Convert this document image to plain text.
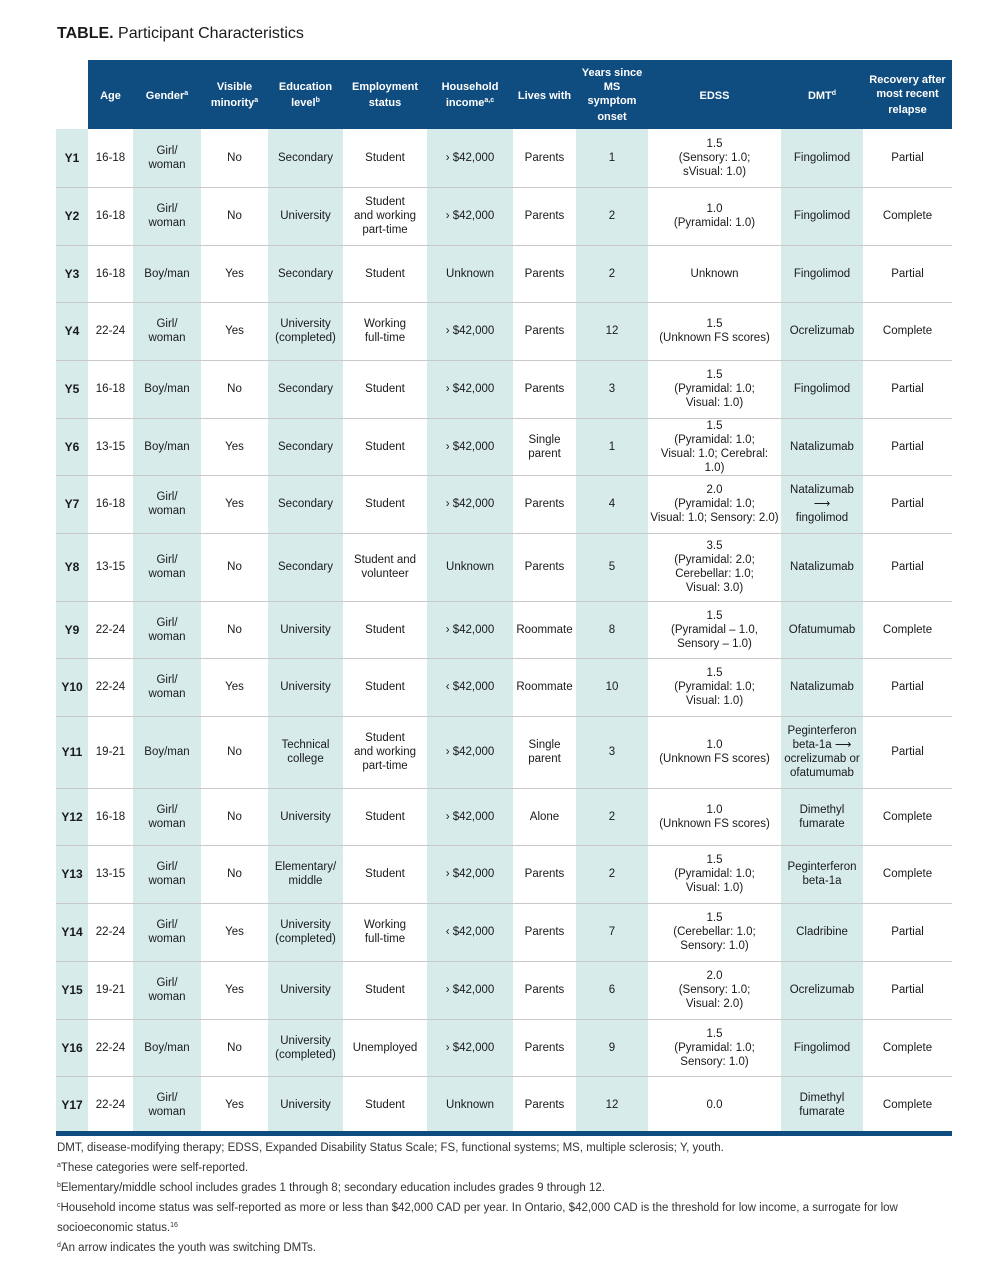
TABLE. Participant Characteristics
	Age	Gender$^a$	Visible minority$^a$	Education level$^b$	Employment status	Household income$^{a,c}$	Lives with	Years since MS symptom onset	EDSS	DMT$^d$	Recovery after most recent relapse
Y1	16-18	Girl/
woman	No	Secondary	Student	› $42,000	Parents	1	1.5
(Sensory: 1.0;
sVisual: 1.0)	Fingolimod	Partial
Y2	16-18	Girl/
woman	No	University	Student
and working
part-time	› $42,000	Parents	2	1.0
(Pyramidal: 1.0)	Fingolimod	Complete
Y3	16-18	Boy/man	Yes	Secondary	Student	Unknown	Parents	2	Unknown	Fingolimod	Partial
Y4	22-24	Girl/
woman	Yes	University
(completed)	Working
full-time	› $42,000	Parents	12	1.5
(Unknown FS scores)	Ocrelizumab	Complete
Y5	16-18	Boy/man	No	Secondary	Student	› $42,000	Parents	3	1.5
(Pyramidal: 1.0;
Visual: 1.0)	Fingolimod	Partial
Y6	13-15	Boy/man	Yes	Secondary	Student	› $42,000	Single
parent	1	1.5
(Pyramidal: 1.0;
Visual: 1.0; Cerebral: 1.0)	Natalizumab	Partial
Y7	16-18	Girl/
woman	Yes	Secondary	Student	› $42,000	Parents	4	2.0
(Pyramidal: 1.0;
Visual: 1.0; Sensory: 2.0)	Natalizumab ⟶
fingolimod	Partial
Y8	13-15	Girl/
woman	No	Secondary	Student and
volunteer	Unknown	Parents	5	3.5
(Pyramidal: 2.0;
Cerebellar: 1.0;
Visual: 3.0)	Natalizumab	Partial
Y9	22-24	Girl/
woman	No	University	Student	› $42,000	Roommate	8	1.5
(Pyramidal – 1.0,
Sensory – 1.0)	Ofatumumab	Complete
Y10	22-24	Girl/
woman	Yes	University	Student	‹ $42,000	Roommate	10	1.5
(Pyramidal: 1.0;
Visual: 1.0)	Natalizumab	Partial
Y11	19-21	Boy/man	No	Technical
college	Student
and working
part-time	› $42,000	Single
parent	3	1.0
(Unknown FS scores)	Peginterferon
beta-1a ⟶
ocrelizumab or
ofatumumab	Partial
Y12	16-18	Girl/
woman	No	University	Student	› $42,000	Alone	2	1.0
(Unknown FS scores)	Dimethyl
fumarate	Complete
Y13	13-15	Girl/
woman	No	Elementary/
middle	Student	› $42,000	Parents	2	1.5
(Pyramidal: 1.0;
Visual: 1.0)	Peginterferon
beta-1a	Complete
Y14	22-24	Girl/
woman	Yes	University
(completed)	Working
full-time	‹ $42,000	Parents	7	1.5
(Cerebellar: 1.0;
Sensory: 1.0)	Cladribine	Partial
Y15	19-21	Girl/
woman	Yes	University	Student	› $42,000	Parents	6	2.0
(Sensory: 1.0;
Visual: 2.0)	Ocrelizumab	Partial
Y16	22-24	Boy/man	No	University
(completed)	Unemployed	› $42,000	Parents	9	1.5
(Pyramidal: 1.0;
Sensory: 1.0)	Fingolimod	Complete
Y17	22-24	Girl/
woman	Yes	University	Student	Unknown	Parents	12	0.0	Dimethyl
fumarate	Complete
DMT, disease-modifying therapy; EDSS, Expanded Disability Status Scale; FS, functional systems; MS, multiple sclerosis; Y, youth.
$^a$These categories were self-reported.
$^b$Elementary/middle school includes grades 1 through 8; secondary education includes grades 9 through 12.
$^c$Household income status was self-reported as more or less than $42,000 CAD per year. In Ontario, $42,000 CAD is the threshold for low income, a surrogate for low socioeconomic status.$^{16}$
$^d$An arrow indicates the youth was switching DMTs.
